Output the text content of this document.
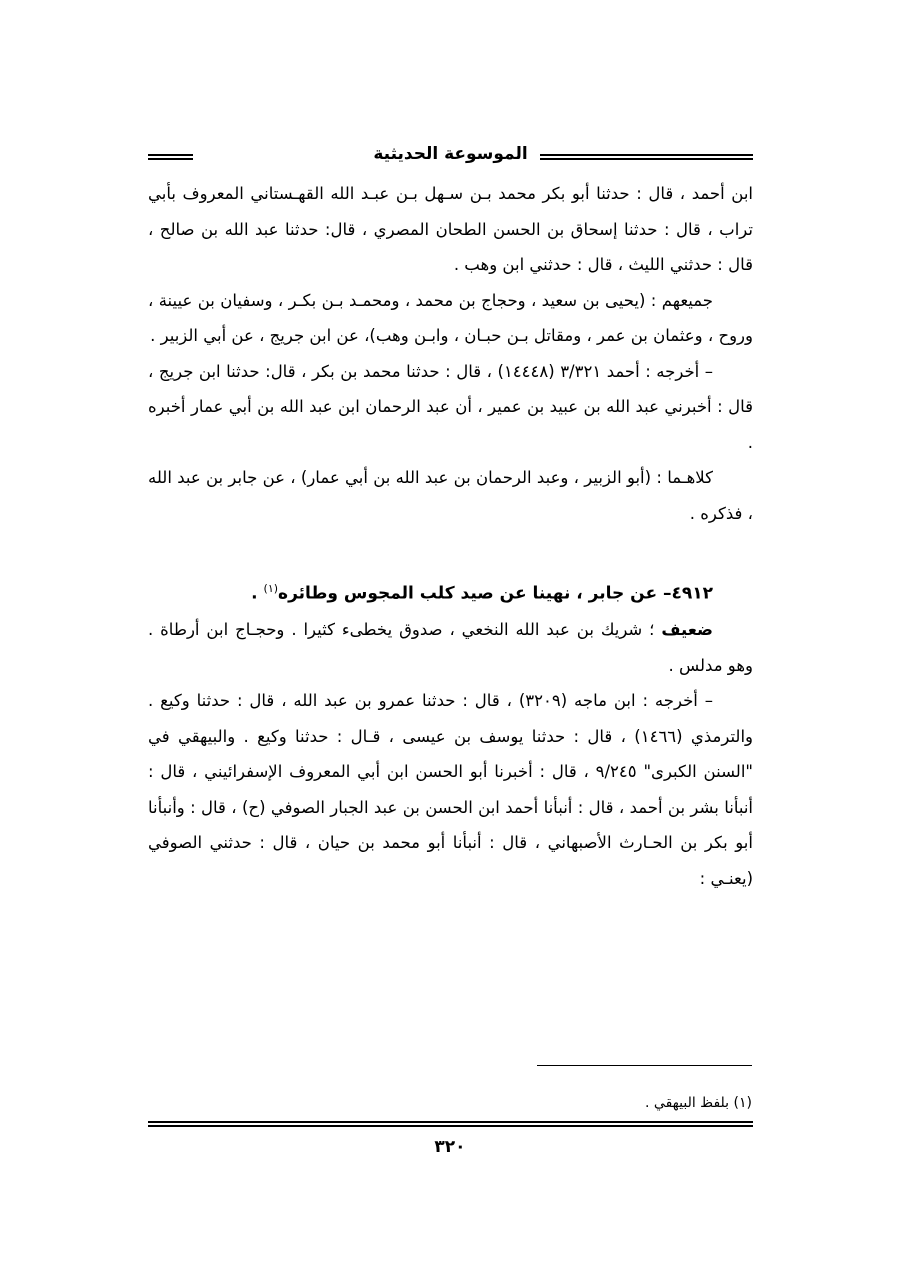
الموسوعة الحديثية

ابن أحمد ، قال : حدثنا أبو بكر محمد بـن سـهل بـن عبـد الله القهـستاني المعروف بأبي تراب ، قال : حدثنا إسحاق بن الحسن الطحان المصري ، قال: حدثنا عبد الله بن صالح ، قال : حدثني الليث ، قال : حدثني ابن وهب .

جميعهم : (يحيى بن سعيد ، وحجاج بن محمد ، ومحمـد بـن بكـر ، وسفيان بن عيينة ، وروح ، وعثمان بن عمر ، ومقاتل بـن حبـان ، وابـن وهب)، عن ابن جريج ، عن أبي الزبير .

– أخرجه : أحمد ٣/٣٢١ (١٤٤٤٨) ، قال : حدثنا محمد بن بكر ، قال: حدثنا ابن جريج ، قال : أخبرني عبد الله بن عبيد بن عمير ، أن عبد الرحمان ابن عبد الله بن أبي عمار أخبره .

كلاهـما : (أبو الزبير ، وعبد الرحمان بن عبد الله بن أبي عمار) ، عن جابر بن عبد الله ، فذكره .

٤٩١٢– عن جابر ، نهينا عن صيد كلب المجوس وطائره$^{(١)}$ .

ضعيف ؛ شريك بن عبد الله النخعي ، صدوق يخطىء كثيرا . وحجـاج ابن أرطاة . وهو مدلس .

– أخرجه : ابن ماجه (٣٢٠٩) ، قال : حدثنا عمرو بن عبد الله ، قال : حدثنا وكيع . والترمذي (١٤٦٦) ، قال : حدثنا يوسف بن عيسى ، قـال : حدثنا وكيع . والبيهقي في "السنن الكبرى" ٩/٢٤٥ ، قال : أخبرنا أبو الحسن ابن أبي المعروف الإسفرائيني ، قال : أنبأنا بشر بن أحمد ، قال : أنبأنا أحمد ابن الحسن بن عبد الجبار الصوفي (ح) ، قال : وأنبأنا أبو بكر بن الحـارث الأصبهاني ، قال : أنبأنا أبو محمد بن حيان ، قال : حدثني الصوفي (يعنـي :

(١) بلفظ البيهقي .
٣٢٠
